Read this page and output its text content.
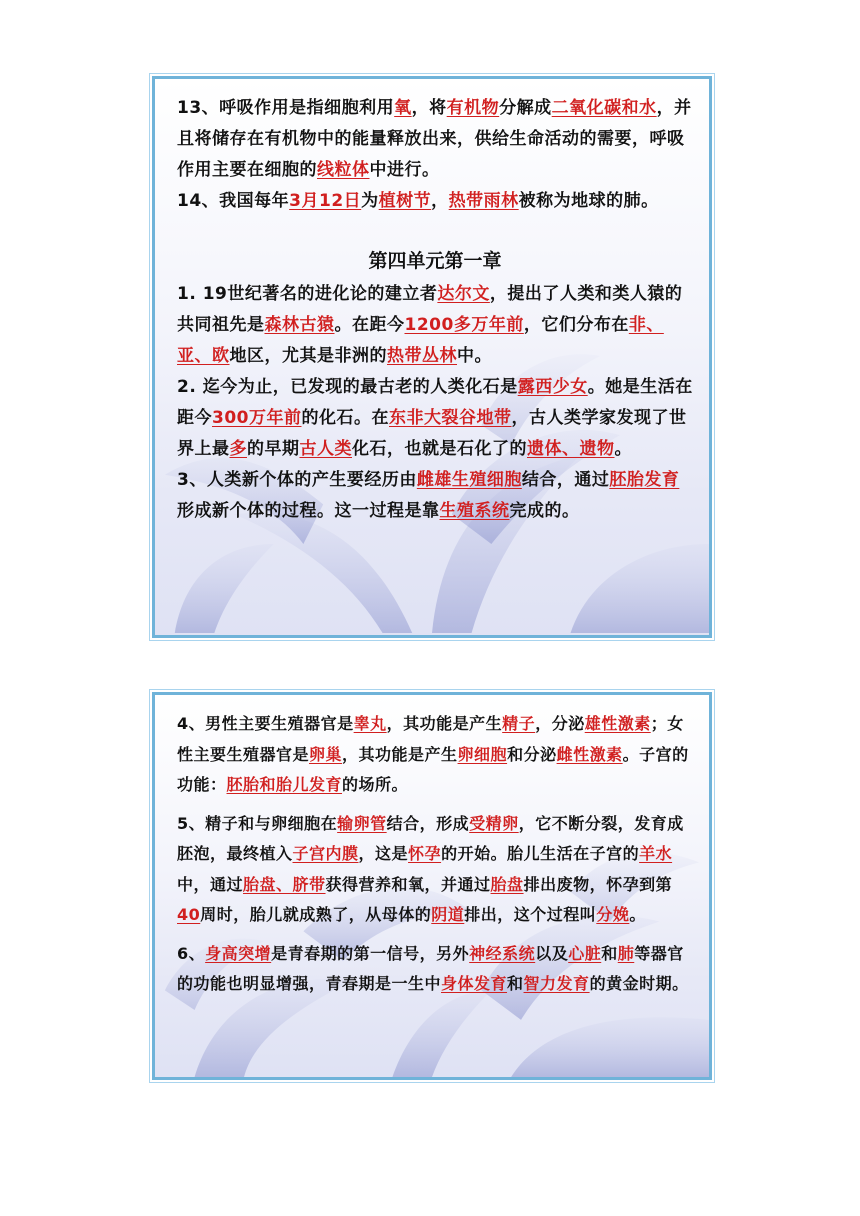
13、呼吸作用是指细胞利用氧，将有机物分解成二氧化碳和水，并且将储存在有机物中的能量释放出来，供给生命活动的需要，呼吸作用主要在细胞的线粒体中进行。
14、我国每年3月12日为植树节，热带雨林被称为地球的肺。
第四单元第一章
1. 19世纪著名的进化论的建立者达尔文，提出了人类和类人猿的共同祖先是森林古猿。在距今1200多万年前，它们分布在非、亚、欧地区，尤其是非洲的热带丛林中。
2. 迄今为止，已发现的最古老的人类化石是露西少女。她是生活在距今300万年前的化石。在东非大裂谷地带，古人类学家发现了世界上最多的早期古人类化石，也就是石化了的遗体、遗物。
3、人类新个体的产生要经历由雌雄生殖细胞结合，通过胚胎发育形成新个体的过程。这一过程是靠生殖系统完成的。
4、男性主要生殖器官是睾丸，其功能是产生精子，分泌雄性激素；女性主要生殖器官是卵巢，其功能是产生卵细胞和分泌雌性激素。子宫的功能：胚胎和胎儿发育的场所。
5、精子和与卵细胞在输卵管结合，形成受精卵，它不断分裂，发育成胚泡，最终植入子宫内膜，这是怀孕的开始。胎儿生活在子宫的羊水中，通过胎盘、脐带获得营养和氧，并通过胎盘排出废物，怀孕到第40周时，胎儿就成熟了，从母体的阴道排出，这个过程叫分娩。
6、身高突增是青春期的第一信号，另外神经系统以及心脏和肺等器官的功能也明显增强，青春期是一生中身体发育和智力发育的黄金时期。
